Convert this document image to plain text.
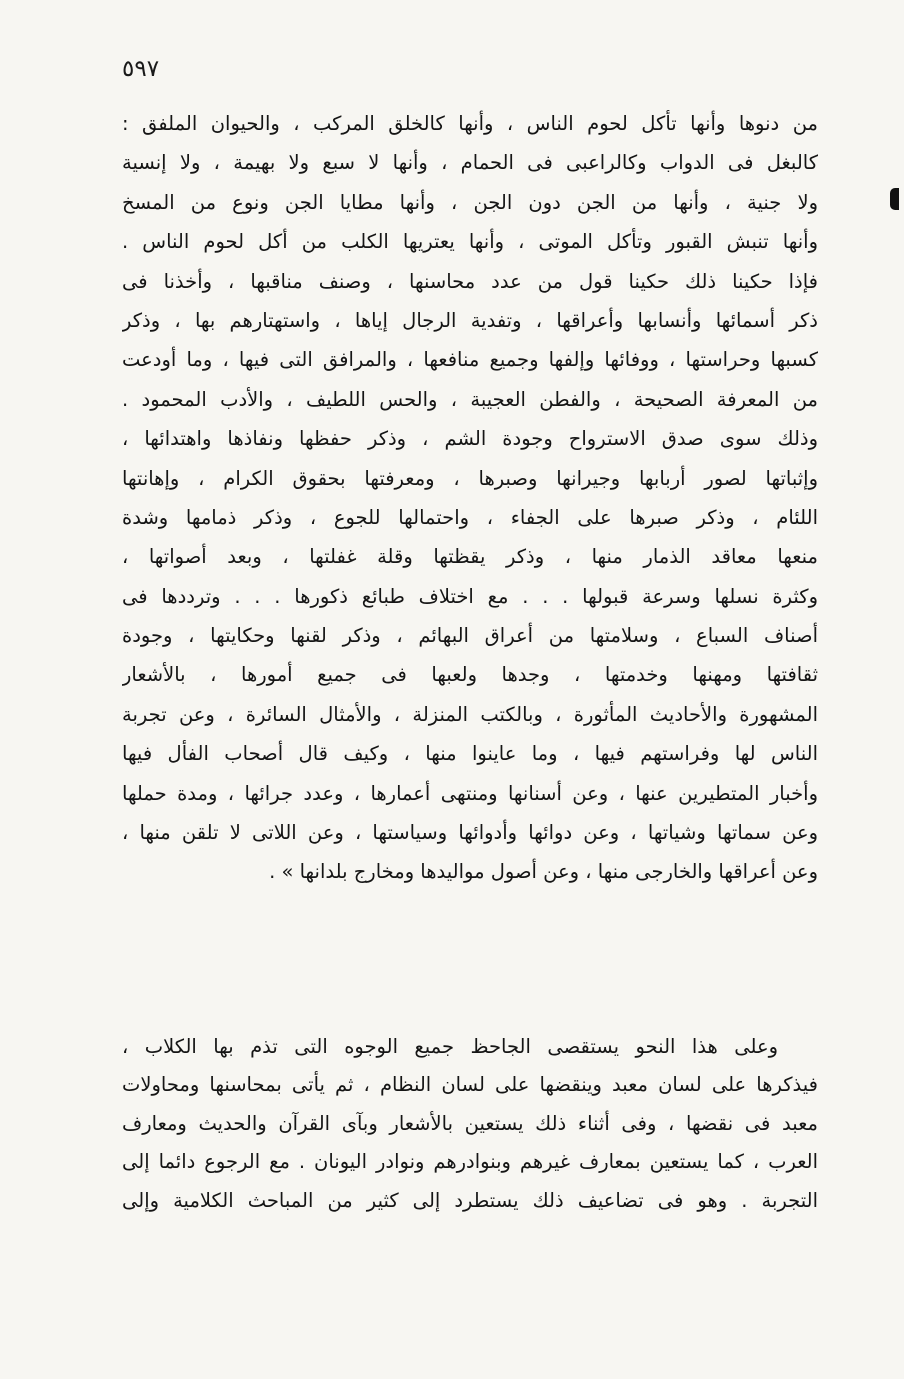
٥٩٧
من دنوها وأنها تأكل لحوم الناس ، وأنها كالخلق المركب ، والحيوان الملفق :
كالبغل فى الدواب وكالراعبى فى الحمام ، وأنها لا سبع ولا بهيمة ، ولا إنسية
ولا جنية ، وأنها من الجن دون الجن ، وأنها مطايا الجن ونوع من المسخ
وأنها تنبش القبور وتأكل الموتى ، وأنها يعتريها الكلب من أكل لحوم الناس .
فإذا حكينا ذلك حكينا قول من عدد محاسنها ، وصنف مناقبها ، وأخذنا فى
ذكر أسمائها وأنسابها وأعراقها ، وتفدية الرجال إياها ، واستهتارهم بها ، وذكر
كسبها وحراستها ، ووفائها وإلفها وجميع منافعها ، والمرافق التى فيها ، وما أودعت
من المعرفة الصحيحة ، والفطن العجيبة ، والحس اللطيف ، والأدب المحمود .
وذلك سوى صدق الاسترواح وجودة الشم ، وذكر حفظها ونفاذها واهتدائها ،
وإثباتها لصور أربابها وجيرانها وصبرها ، ومعرفتها بحقوق الكرام ، وإهانتها
اللئام ، وذكر صبرها على الجفاء ، واحتمالها للجوع ، وذكر ذمامها وشدة
منعها معاقد الذمار منها ، وذكر يقظتها وقلة غفلتها ، وبعد أصواتها ،
وكثرة نسلها وسرعة قبولها . . . مع اختلاف طبائع ذكورها . . . وترددها فى
أصناف السباع ، وسلامتها من أعراق البهائم ، وذكر لقنها وحكايتها ، وجودة
ثقافتها ومهنها وخدمتها ، وجدها ولعبها فى جميع أمورها ، بالأشعار
المشهورة والأحاديث المأثورة ، وبالكتب المنزلة ، والأمثال السائرة ، وعن تجربة
الناس لها وفراستهم فيها ، وما عاينوا منها ، وكيف قال أصحاب الفأل فيها
وأخبار المتطيرين عنها ، وعن أسنانها ومنتهى أعمارها ، وعدد جرائها ، ومدة حملها
وعن سماتها وشياتها ، وعن دوائها وأدوائها وسياستها ، وعن اللاتى لا تلقن منها ،
وعن أعراقها والخارجى منها ، وعن أصول مواليدها ومخارج بلدانها » .
وعلى هذا النحو يستقصى الجاحظ جميع الوجوه التى تذم بها الكلاب ،
فيذكرها على لسان معبد وينقضها على لسان النظام ، ثم يأتى بمحاسنها ومحاولات
معبد فى نقضها ، وفى أثناء ذلك يستعين بالأشعار وبآى القرآن والحديث ومعارف
العرب ، كما يستعين بمعارف غيرهم وبنوادرهم ونوادر اليونان . مع الرجوع دائما إلى
التجربة . وهو فى تضاعيف ذلك يستطرد إلى كثير من المباحث الكلامية وإلى
